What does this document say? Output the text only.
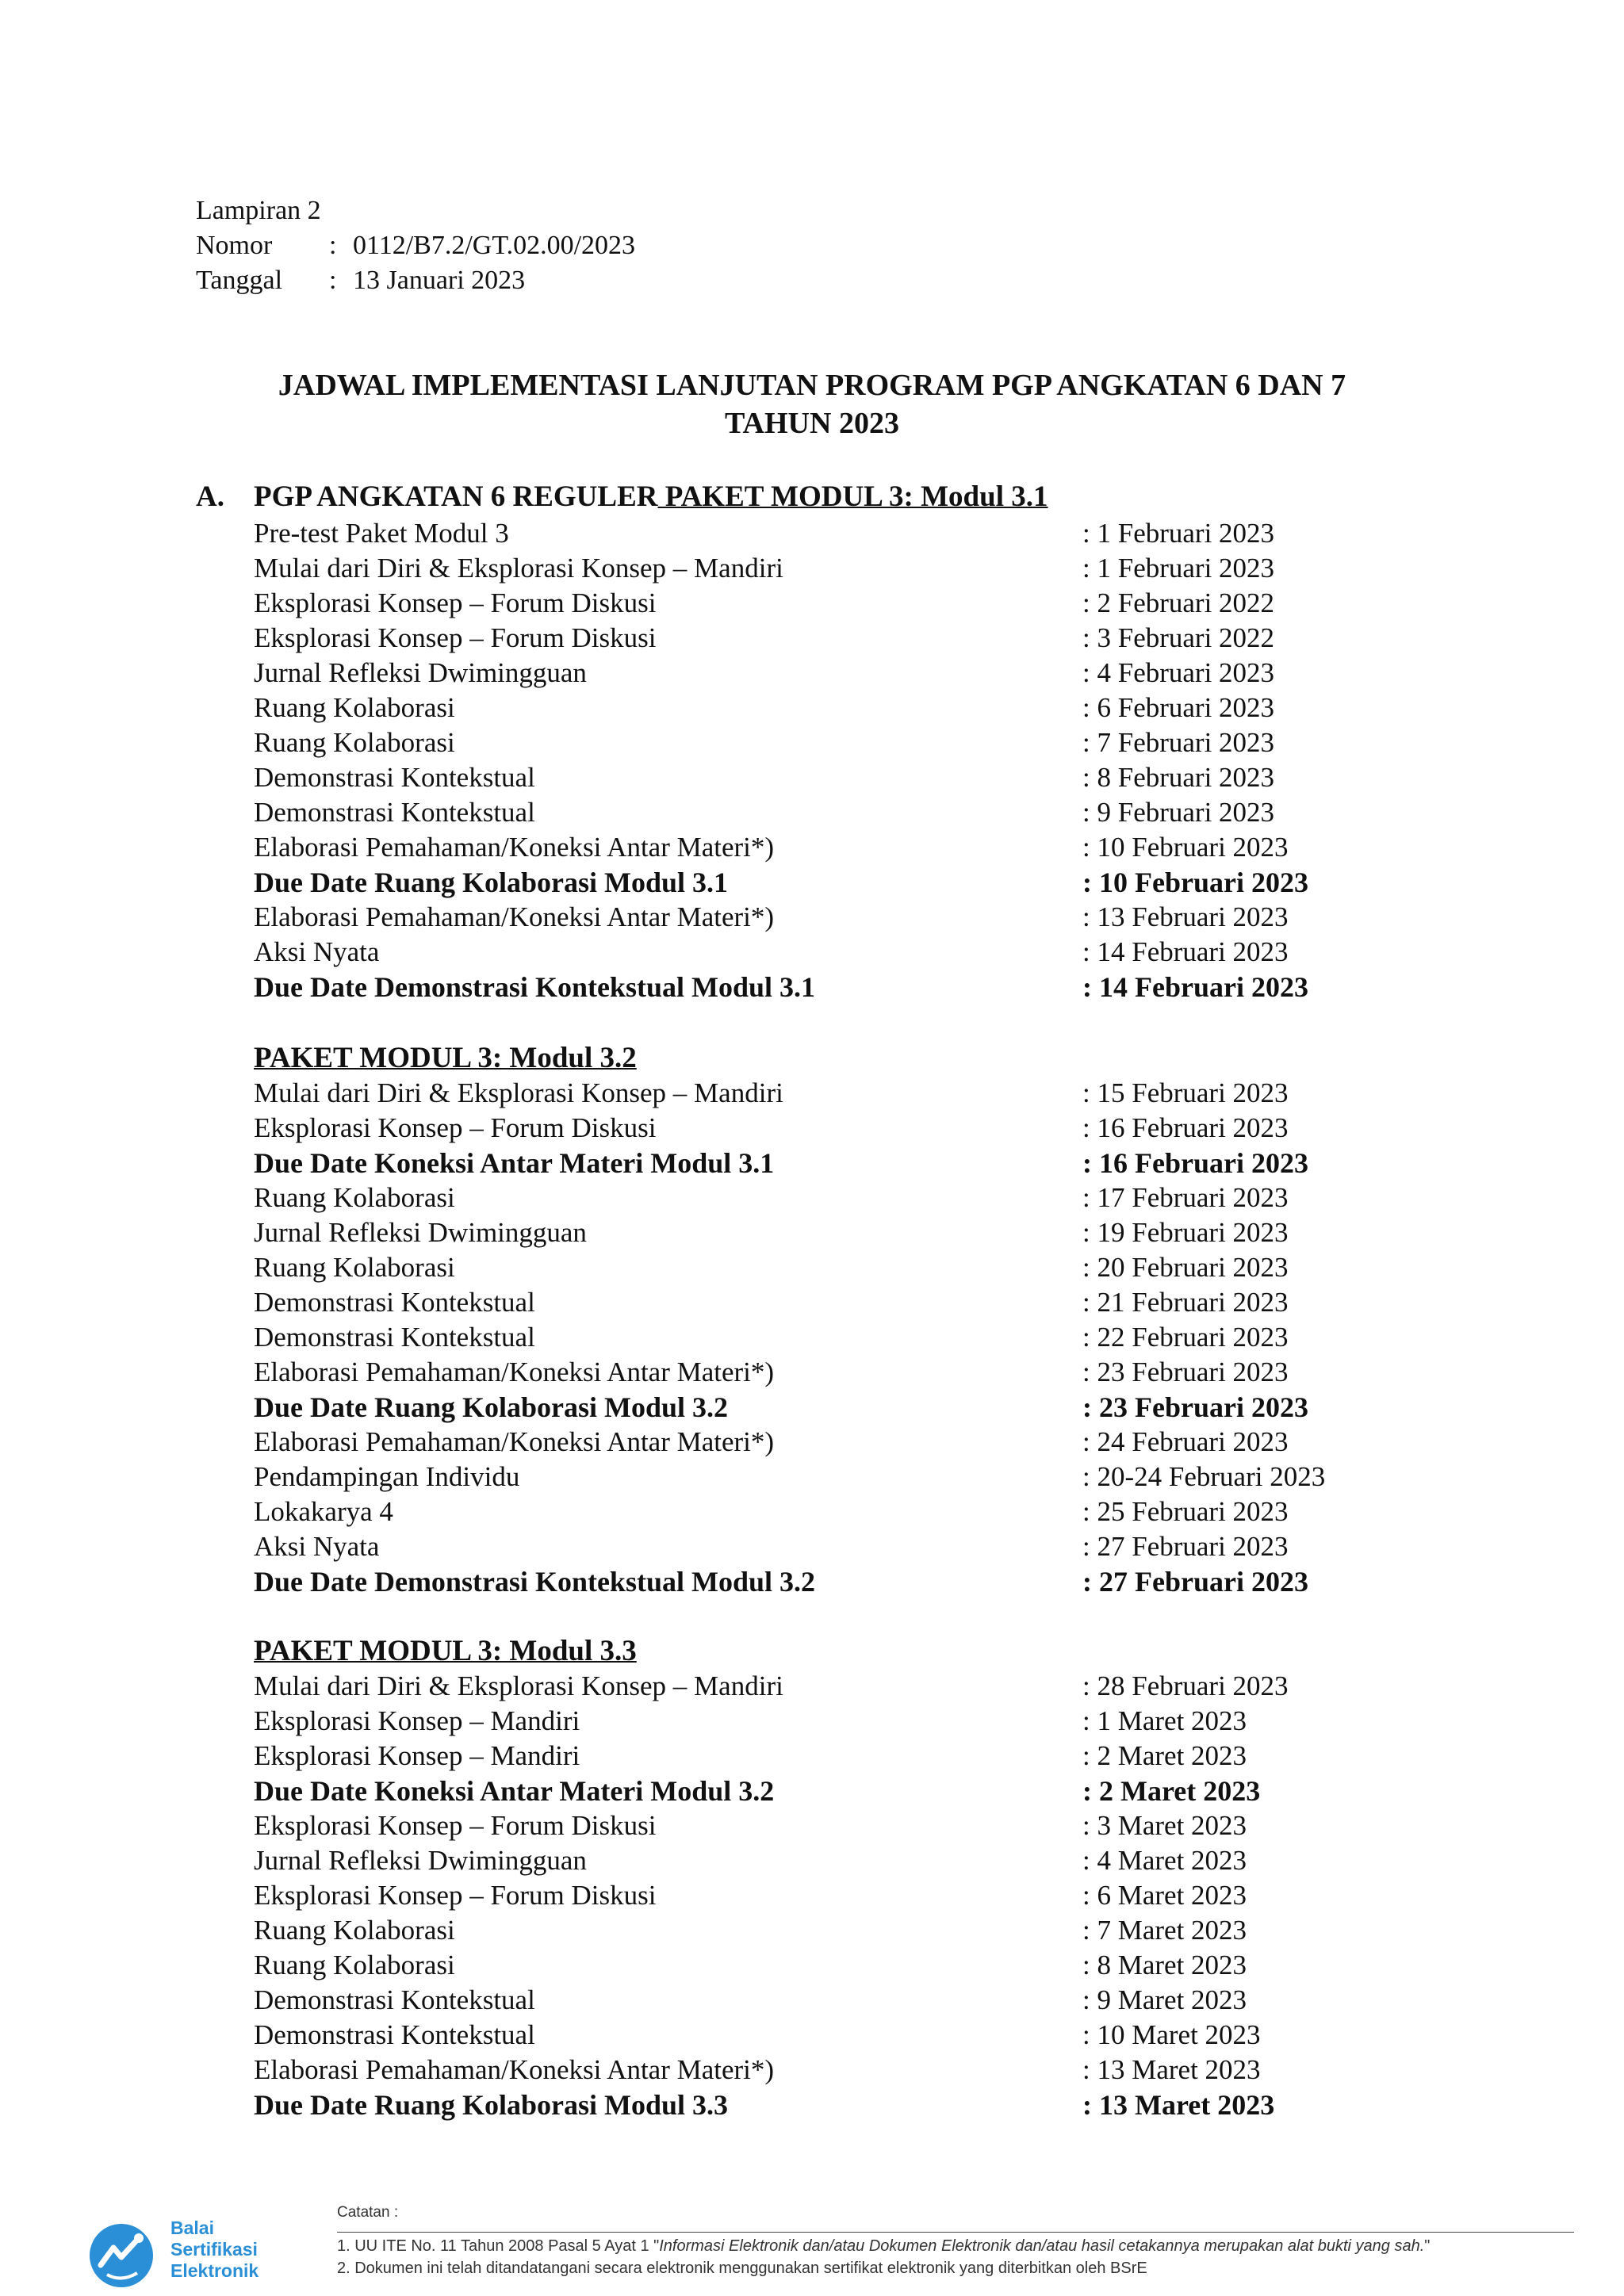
Lampiran 2
Nomor : 0112/B7.2/GT.02.00/2023
Tanggal : 13 Januari 2023
JADWAL IMPLEMENTASI LANJUTAN PROGRAM PGP ANGKATAN 6 DAN 7
TAHUN 2023
A. PGP ANGKATAN 6 REGULER PAKET MODUL 3: Modul 3.1
Pre-test Paket Modul 3	: 1 Februari 2023
Mulai dari Diri & Eksplorasi Konsep – Mandiri	: 1 Februari 2023
Eksplorasi Konsep – Forum Diskusi	: 2 Februari 2022
Eksplorasi Konsep – Forum Diskusi	: 3 Februari 2022
Jurnal Refleksi Dwimingguan	: 4 Februari 2023
Ruang Kolaborasi	: 6 Februari 2023
Ruang Kolaborasi	: 7 Februari 2023
Demonstrasi Kontekstual	: 8 Februari 2023
Demonstrasi Kontekstual	: 9 Februari 2023
Elaborasi Pemahaman/Koneksi Antar Materi*)	: 10 Februari 2023
Due Date Ruang Kolaborasi Modul 3.1	: 10 Februari 2023
Elaborasi Pemahaman/Koneksi Antar Materi*)	: 13 Februari 2023
Aksi Nyata	: 14 Februari 2023
Due Date Demonstrasi Kontekstual Modul 3.1	: 14 Februari 2023
PAKET MODUL 3: Modul 3.2
Mulai dari Diri & Eksplorasi Konsep – Mandiri	: 15 Februari 2023
Eksplorasi Konsep – Forum Diskusi	: 16 Februari 2023
Due Date Koneksi Antar Materi Modul 3.1	: 16 Februari 2023
Ruang Kolaborasi	: 17 Februari 2023
Jurnal Refleksi Dwimingguan	: 19 Februari 2023
Ruang Kolaborasi	: 20 Februari 2023
Demonstrasi Kontekstual	: 21 Februari 2023
Demonstrasi Kontekstual	: 22 Februari 2023
Elaborasi Pemahaman/Koneksi Antar Materi*)	: 23 Februari 2023
Due Date Ruang Kolaborasi Modul 3.2	: 23 Februari 2023
Elaborasi Pemahaman/Koneksi Antar Materi*)	: 24 Februari 2023
Pendampingan Individu	: 20-24 Februari 2023
Lokakarya 4	: 25 Februari 2023
Aksi Nyata	: 27 Februari 2023
Due Date Demonstrasi Kontekstual Modul 3.2	: 27 Februari 2023
PAKET MODUL 3: Modul 3.3
Mulai dari Diri & Eksplorasi Konsep – Mandiri	: 28 Februari 2023
Eksplorasi Konsep – Mandiri	: 1 Maret 2023
Eksplorasi Konsep – Mandiri	: 2 Maret 2023
Due Date Koneksi Antar Materi Modul 3.2	: 2 Maret 2023
Eksplorasi Konsep – Forum Diskusi	: 3 Maret 2023
Jurnal Refleksi Dwimingguan	: 4 Maret 2023
Eksplorasi Konsep – Forum Diskusi	: 6 Maret 2023
Ruang Kolaborasi	: 7 Maret 2023
Ruang Kolaborasi	: 8 Maret 2023
Demonstrasi Kontekstual	: 9 Maret 2023
Demonstrasi Kontekstual	: 10 Maret 2023
Elaborasi Pemahaman/Koneksi Antar Materi*)	: 13 Maret 2023
Due Date Ruang Kolaborasi Modul 3.3	: 13 Maret 2023
Balai
Sertifikasi
Elektronik
Catatan :
1. UU ITE No. 11 Tahun 2008 Pasal 5 Ayat 1 "Informasi Elektronik dan/atau Dokumen Elektronik dan/atau hasil cetakannya merupakan alat bukti yang sah."
2. Dokumen ini telah ditandatangani secara elektronik menggunakan sertifikat elektronik yang diterbitkan oleh BSrE
